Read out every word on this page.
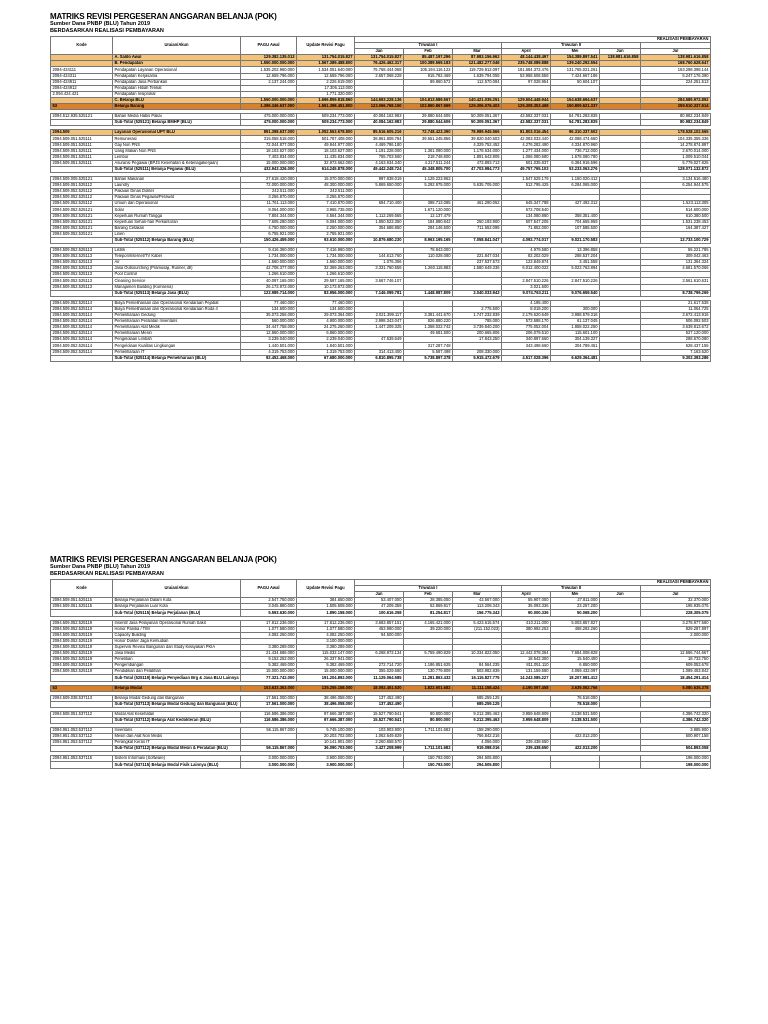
MATRIKS REVISI PERGESERAN ANGGARAN BELANJA (POK)
Sumber Dana PNBP (BLU) Tahun 2019
BERDASARKAN REALISASI PEMBAYARAN
Kode	Uraian/Akun	PAGU Awal	Update Revisi Pagu	REALISASI PEMBAYARAN						
				Triwulan I			Triwulan II			
				Jan	Feb	Mar	April	Mei	Jun	Jul
	A. Saldo Awal	129.382.135.013	131.754.015.827	131.754.015.827	85.487.197.296	87.983.156.962	48.144.438.497	154.389.897.541	138.981.616.858	138.981.616.858
	B. Pendapatan	1.550.000.000.000	1.567.389.488.800	76.426.462.317	100.389.569.183	121.482.277.046	235.748.089.888	139.240.292.554		168.760.628.647
2094-424111	Pendapatan Layanan Operasional	1.535.202.960.000	1.534.051.640.000	75.768.444.068	105.194.116.122	119.729.912.097	181.684.372.476	131.765.021.261		163.298.398.144
2094-424311	Pendapatan Kerjasama	12.659.796.000	12.659.796.000	2.657.068.228	915.782.469	1.639.794.055	53.958.608.558	7.424.667.186		5.247.176.390
2094-424911	Pendapatan Jasa Perbankan	2.137.244.000	2.226.619.000		89.860.572	112.570.084	97.028.954	50.604.107		224.251.513
2094-424912	Pendapatan Hibah Terikat		17.306.113.000							
2.094.424.421	Pendapatan resiprokal		1.771.320.000							
	C. Belanja BLU	1.550.000.000.000	1.696.859.818.860	144.693.228.136	104.813.589.567	140.421.035.251	129.504.448.944	154.638.694.637		284.589.972.892
53	Belanja Barang	1.396.346.637.000	1.561.398.451.800	123.066.768.150	102.860.867.969	129.306.076.403	125.308.353.468	150.809.621.337		259.510.337.514

2094.512.935.525121	Bahan Media Habis Pakai	475.000.000.000	509.234.773.000	40.084.162.983	29.880.544.606	50.309.051.367	43.582.337.031	54.781.283.835		80.982.234.849
	Sub-Total (525121) Belanja BMHP (BLU)	475.000.000.000	509.234.773.000	40.084.162.983	29.880.544.606	50.309.051.367	43.582.337.031	54.781.283.835		80.982.234.849

2094.509	Layanan Operasional UPT BLU	891.398.637.000	1.052.563.678.800	85.516.605.216	72.748.423.390	78.989.945.566	81.803.016.454	96.310.337.502		178.528.102.565
2094.509.051.525111	Remunerasi	315.058.518.000	501.787.408.000	38.861.808.794	39.651.245.856	39.820.040.603	42.083.033.440	42.088.474.660		104.335.355.336
2094.509.051.525111	Gaji Non PNS	72.044.877.000	49.944.977.000	4.469.786.180		4.329.752.452	4.276.282.490	4.334.870.960		14.278.874.897
2094.509.051.525111	Uang Makan Non PNS	18.103.627.000	18.103.627.000	1.191.228.000	1.361.090.000	1.178.634.000	1.277.434.000	736.712.000		2.670.014.000
2094.509.051.525111	Lembur	7.403.834.000	11.435.834.000	755.703.560	218.748.800	1.891.643.805	1.066.080.680	1.678.080.780		1.009.510.044
2094.509.051.525111	Asuransi Pegawai (BPJS Kesehatan & Ketenagakerjaan)	15.000.000.000	32.973.662.000	4.163.634.340	4.217.511.244	473.893.713	501.035.837	6.384.916.596		5.779.027.825
	Sub-Total (525111) Belanja Pegawai (BLU)	432.943.326.000	614.245.878.000	49.442.248.724	45.348.805.700	47.703.984.773	49.757.765.103	53.233.063.276		128.071.132.872

2094.509.005.525121	Bahan Makanan	27.618.420.000	15.070.000.000	997.838.019	1.129.223.962		1.547.629.179	1.150.020.412		3.134.516.480
2094.509.051.525112	Laundry	72.000.000.000	48.300.000.000	5.869.650.000	5.292.975.000	5.635.705.000	512.795.425	6.284.065.000		6.254.944.575
2094.509.052.525112	Pakaian Dinas Dokter	242.511.000	242.511.000							
2094.509.052.525112	Pakaian Dinas Pegawai/Perawat	3.256.870.000	3.256.870.000							
2094.509.052.525112	Umum dan Operasional	11.761.113.000	7.410.870.000	694.710.400	388.713.085	461.290.052	645.347.788	427.492.312		1.523.113.305
2094.509.052.525121	Solar	8.064.000.000	3.965.735.000		1.671.120.000		672.708.540			514.600.000
2094.509.052.525121	Keperluan Rumah Tangga	7.804.344.000	4.564.344.000	1.112.269.565	12.137.479		134.080.880	358.351.400		610.380.500
2094.509.052.525121	Keperluan Sehari-hari Perkantoran	7.605.280.000	6.094.000.000	1.850.523.350	184.880.842	250.193.900	507.547.205	704.655.959		1.531.238.453
2094.509.052.525121	Barang Cetakan	4.750.000.000	2.250.000.000	354.688.850	284.146.500	711.652.095	71.852.000	107.585.500		164.387.427
2094.509.052.525121	Linen	6.755.921.000	2.755.921.000							
	Sub-Total (525112) Belanja Barang (BLU)	150.426.459.000	93.610.000.000	10.879.680.230	8.963.195.165	7.058.841.047	4.092.774.017	9.021.170.583		13.733.100.729

2094.509.052.525113	Listrik	9.416.360.000	7.416.960.000		78.843.000		4.979.580	13.396.858		55.221.785
2094.509.052.525113	Telepon/Internet/TV Kabel	1.734.000.000	1.734.000.000	144.613.760	110.028.080	221.847.034	82.202.029	288.537.204		309.042.463
2094.509.052.525113	Air	1.560.000.000	1.560.000.000	1.076.356		237.537.573	123.849.874	3.451.558		131.364.324
2094.509.052.525113	Jasa Outsourching (Pramusaji, Runner, dll)	42.708.377.000	32.369.263.000	3.331.760.556	1.260.115.883	1.580.649.336	6.012.400.022	5.023.763.894		4.681.570.066
2094.509.052.525113	Pool Control	1.266.610.000	1.266.610.000							
2094.509.052.525113	Cleaning Service	40.097.165.000	29.597.165.000	3.667.746.107			2.847.510.226	2.847.510.226		3.561.610.631
2094.509.052.525113	Manajamen Building (Komsena)	26.173.972.000	10.173.972.000				3.021.500			
	Sub-Total (525113) Belanja Jasa (BLU)	122.989.714.000	83.956.000.000	7.146.099.781	1.448.987.809	2.040.033.943	9.074.763.211	9.076.659.540		8.738.799.269

2094.509.052.525114	Biaya Pemeliharaan dan Operasional Kendaraan Pejabat	77.460.000	77.460.000				4.195.400			21.617.538
2094.509.052.525114	Biaya Pemeliharaan dan Operasional Kendaraan Roda 4	134.600.000	134.600.000			2.775.500	8.019.200	300.000		11.064.725
2094.509.052.525114	Pemeliharaan Gedung	35.073.256.000	29.073.364.000	2.021.399.117	3.381.441.670	1.747.232.839	2.179.620.649	3.988.579.316		3.672.413.916
2094.509.052.525114	Pemeliharaan Peralatan Inventaris	560.000.000	4.900.000.000	2.998.343.047	826.880.220	785.000	573.588.170	61.137.045		506.092.503
2094.509.052.525114	Pemeliharaan Alat Medik	34.447.758.000	24.275.260.000	1.447.209.325	1.358.022.742	3.739.840.200	775.052.004	1.858.022.250		3.639.813.672
2094.509.052.525114	Pemeliharaan Mesin	12.860.000.000	6.860.000.000		49.681.500	200.665.806	206.079.510	115.601.100		527.120.000
2094.509.052.525114	Pengelolaan Limbah	3.239.040.000	2.239.040.000	47.539.649		17.843.250	340.897.660	304.139.327		288.570.080
2094.509.052.525114	Pengelolaan Kualitas Lingkungan	1.440.501.000	1.840.501.000		317.287.748		343.498.660	304.789.451		628.437.155
2094.509.052.525114	Pemeliharaan IT	4.319.753.000	1.319.753.000	314.413.400	5.587.498	208.330.000				7.163.620
	Sub-Total (525114) Belanja Pemeliharaan (BLU)	92.452.468.000	67.680.000.000	6.810.895.738	5.738.897.378	5.915.472.679	4.517.028.396	6.629.364.481		9.302.393.286
MATRIKS REVISI PERGESERAN ANGGARAN BELANJA (POK)
Sumber Dana PNBP (BLU) Tahun 2019
BERDASARKAN REALISASI PEMBAYARAN
Kode	Uraian/Akun	PAGU Awal	Update Revisi Pagu	REALISASI PEMBAYARAN						
				Triwulan I			Triwulan II			
				Jan	Feb	Mar	April	Mei	Jun	Jul
2094.509.051.525115	Belanja Perjalanan Dalam Kota	2.547.750.000	384.650.000	53.407.000	28.385.000	43.567.000	55.907.000	27.811.000		32.370.000
2094.509.051.525115	Belanja Perjalanan Luar Kota	3.045.880.000	1.505.508.000	47.209.358	52.869.817	113.208.343	35.093.336	23.257.200		195.935.075
	Sub-Total (525115) Belanja Perjalanan (BLU)	5.593.630.000	1.890.158.000	100.616.358	81.254.817	156.775.343	90.000.336	50.068.200		228.305.075

2094.509.052.525119	Insentif Jasa Pelayanan Operasional Rumah Sakit	17.812.236.000	17.812.236.000	3.683.857.151	4.165.421.000	5.423.615.574	410.211.000	5.003.857.827		3.278.977.580
2094.509.052.525119	Honor Panitia / TIM	1.077.580.000	1.077.580.000	453.990.000	39.220.000	(211.152.023)	380.992.253	468.292.260		829.287.897
2094.509.052.525119	Capacity Building	4.082.250.000	4.082.250.000	94.500.000						2.000.000
2094.509.052.525119	Honor Dokter Jaga Kemudian		3.100.000.000							
2094.509.052.525119	Supervisi Revisu Bangunan dan Study Kelayakan PKIA	3.380.289.000	3.380.289.000							
2094.509.052.525119	Jasa Medis	21.434.686.000	115.032.147.000	6.268.973.134	5.759.490.829	10.334.822.050	12.442.078.364	7.684.008.828		12.586.744.667
2094.509.052.525119	Penelitian	9.152.252.000	26.337.941.000				18.542.300	15.540.400		18.733.750
2094.509.052.525119	Pengembangan	5.382.469.000	5.382.469.000	272.714.720	1.186.851.625	84.564.235	811.051.110	6.850.000		609.053.678
2094.509.052.525119	Pendidikan dan Pelatihan	15.000.000.000	15.000.000.000	355.029.580	130.779.809	503.982.839	131.159.580	4.069.432.097		1.089.453.842
	Sub-Total (525119) Belanja Penyediaan Brg & Jasa BLU Lainnya	77.321.742.000	191.204.892.000	11.129.064.585	11.281.863.432	16.115.827.775	14.243.085.227	18.207.981.412		18.454.291.414

53	Belanja Modal	153.633.363.000	135.255.158.000	18.092.451.530	1.822.601.682	11.111.158.424	4.190.097.458	3.639.062.766		5.080.635.378

2094.509.038.537113	Belanja Modal Gedung dan Bangunan	17.561.000.000	38.496.058.000	137.452.490		685.259.125		78.518.000		
	Sub-Total (537113) Belanja Modal Gedung dan Bangunan (BLU)	17.561.000.000	38.496.058.000	137.452.490		685.259.125		78.518.000		

2094.508.051.537112	Modal Alat Kesehatan	116.586.386.000	97.666.387.000	15.527.790.541	80.800.000	9.212.395.463	3.959.648.809	3.138.531.500		4.386.742.320
	Sub-Total (537112) Belanja Alat Kedokteran (BLU)	116.586.386.000	97.666.387.000	15.527.790.541	80.800.000	9.212.395.463	3.959.648.809	3.138.531.500		4.386.742.320

2094.951.053.537112	Inventaris	56.115.867.000	5.745.100.000	103.903.800	1.711.101.682	158.290.000				3.985.900
2094.951.053.537112	Mesin dan Alat Non Medis		20.203.702.000	1.062.649.829		756.842.216		422.013.200		500.907.158
2094.951.053.537112	Perangkat Keras IT		10.141.901.000	2.260.658.570		4.056.000	239.438.650			
	Sub-Total (537112) Belanja Modal Mesin & Peralatan (BLU)	56.115.867.000	36.090.703.000	3.427.208.999	1.711.101.682	919.098.016	239.438.650	422.013.200		504.893.058

2094.951.053.537115	Sistem Informasi (Software)	3.000.000.000	3.900.000.000		150.793.000	294.505.800				198.000.000
	Sub-Total (537115) Belanja Modal Fisik Lainnya (BLU)	3.000.000.000	3.900.000.000		150.793.000	294.505.800				198.000.000
